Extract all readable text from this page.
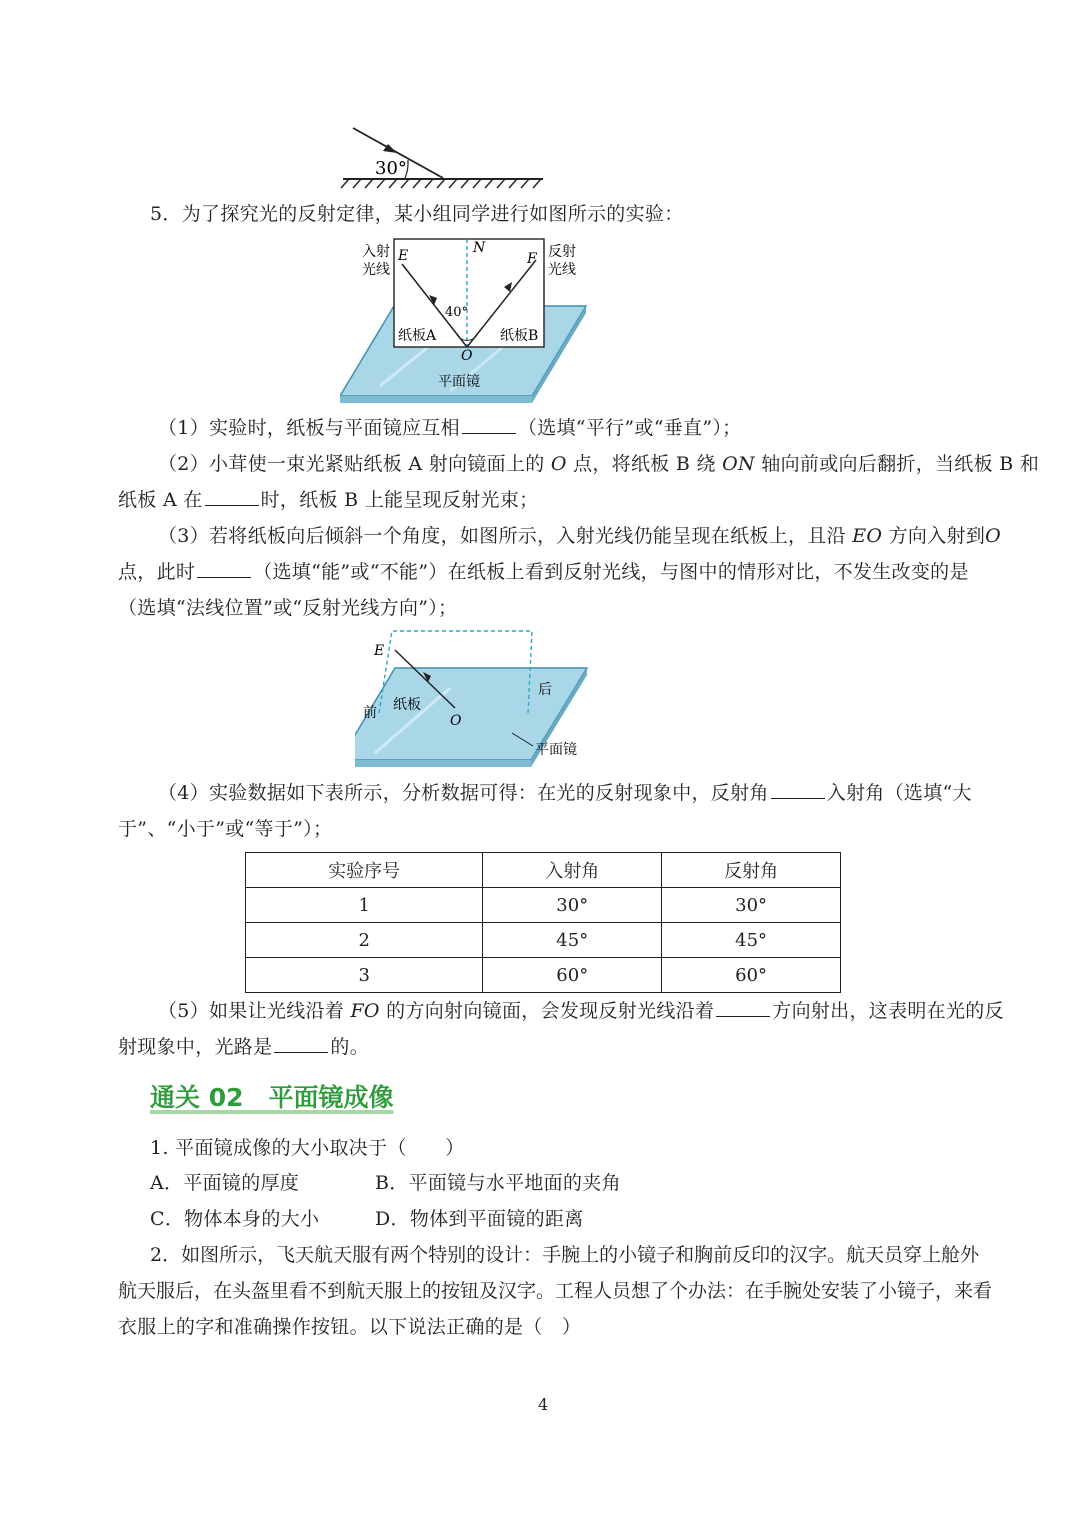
30°
5．为了探究光的反射定律，某小组同学进行如图所示的实验：
入射
光线
反射
光线
E	N
F
40°
纸板A	纸板B
O
平面镜
（1）实验时，纸板与平面镜应互相	（选填“平行”或“垂直”）；
（2）小茸使一束光紧贴纸板 A 射向镜面上的 O 点，将纸板 B 绕 ON 轴向前或向后翻折，当纸板 B 和
纸板 A 在	时，纸板 B 上能呈现反射光束；
（3）若将纸板向后倾斜一个角度，如图所示，入射光线仍能呈现在纸板上，且沿 EO 方向入射到O
点，此时	（选填“能”或“不能”）在纸板上看到反射光线，与图中的情形对比，不发生改变的是
（选填“法线位置”或“反射光线方向”）；
E
纸板
O
前
后
平面镜
（4）实验数据如下表所示，分析数据可得：在光的反射现象中，反射角	入射角（选填“大
于”、“小于”或“等于”）；
实验序号	入射角	反射角
1	30°	30°
2	45°	45°
3	60°	60°
（5）如果让光线沿着 FO 的方向射向镜面，会发现反射光线沿着	方向射出，这表明在光的反
射现象中，光路是	的。
通关 02　平面镜成像
1. 平面镜成像的大小取决于（　　）
A．平面镜的厚度	B．平面镜与水平地面的夹角
C．物体本身的大小	D．物体到平面镜的距离
2．如图所示，飞天航天服有两个特别的设计：手腕上的小镜子和胸前反印的汉字。航天员穿上舱外
航天服后，在头盔里看不到航天服上的按钮及汉字。工程人员想了个办法：在手腕处安装了小镜子，来看
衣服上的字和准确操作按钮。以下说法正确的是（　）
4
